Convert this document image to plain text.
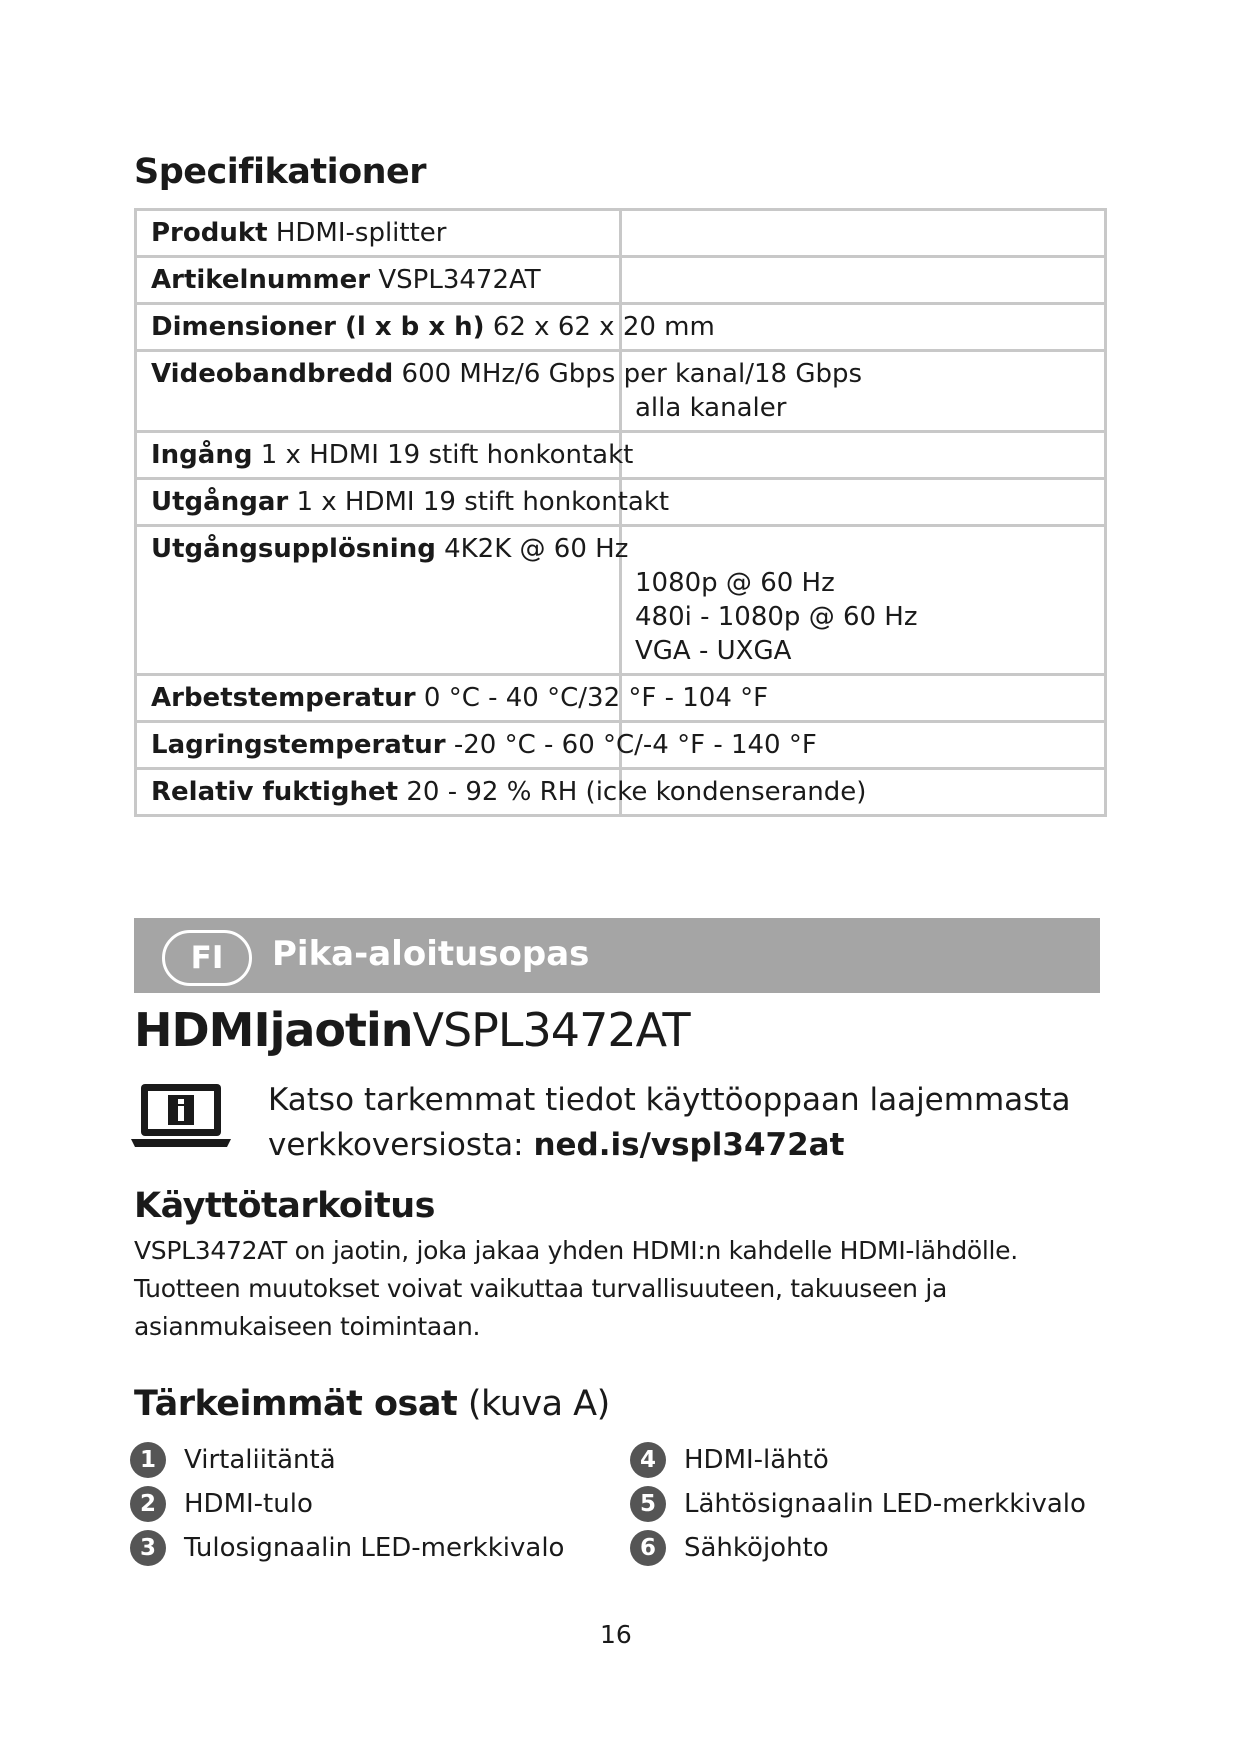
Specifikationer
Produkt HDMI-splitter	
Artikelnummer VSPL3472AT	
Dimensioner (l x b x h) 62 x 62 x 20 mm	
Videobandbredd 600 MHz/6 Gbps per kanal/18 Gbps
alla kanaler	

Ingång 1 x HDMI 19 stift honkontakt	
Utgångar 1 x HDMI 19 stift honkontakt	
Utgångsupplösning 4K2K @ 60 Hz
1080p @ 60 Hz
480i - 1080p @ 60 Hz
VGA - UXGA	

Arbetstemperatur 0 °C - 40 °C/32 °F - 104 °F	
Lagringstemperatur -20 °C - 60 °C/-4 °F - 140 °F	
Relativ fuktighet 20 - 92 % RH (icke kondenserande)	
FI	Pika-aloitusopas
HDMIjaotinVSPL3472AT
Katso tarkemmat tiedot käyttöoppaan laajemmasta
verkkoversiosta: ned.is/vspl3472at
Käyttötarkoitus
VSPL3472AT on jaotin, joka jakaa yhden HDMI:n kahdelle HDMI-lähdölle.
Tuotteen muutokset voivat vaikuttaa turvallisuuteen, takuuseen ja
asianmukaiseen toimintaan.
Tärkeimmät osat (kuva A)
1	Virtaliitäntä
2	HDMI-tulo
3	Tulosignaalin LED-merkkivalo
4	HDMI-lähtö
5	Lähtösignaalin LED-merkkivalo
6	Sähköjohto
16
